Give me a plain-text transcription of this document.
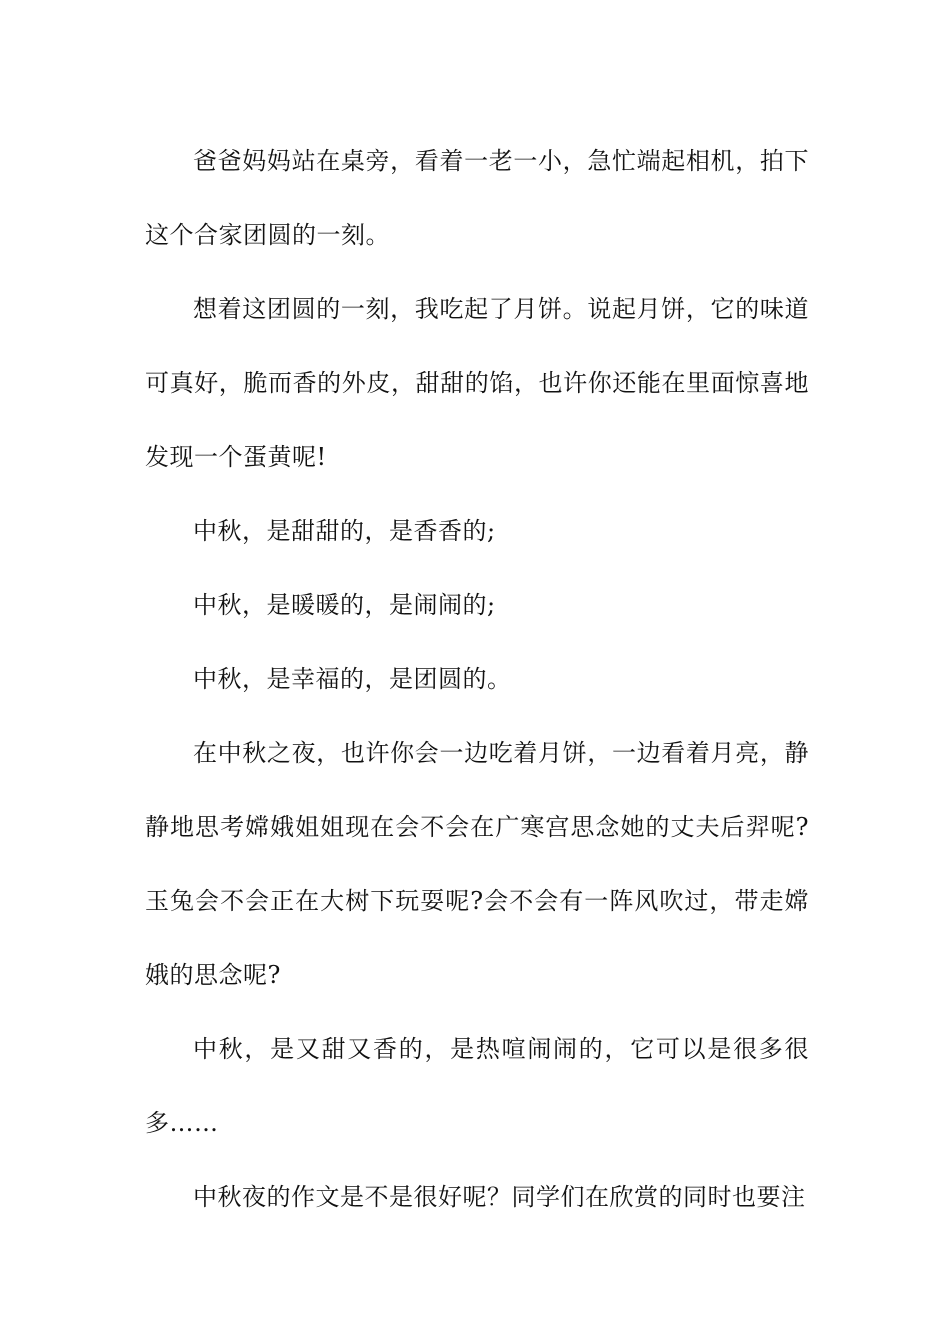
爸爸妈妈站在桌旁，看着一老一小，急忙端起相机，拍下这个合家团圆的一刻。

想着这团圆的一刻，我吃起了月饼。说起月饼，它的味道可真好，脆而香的外皮，甜甜的馅，也许你还能在里面惊喜地发现一个蛋黄呢!

中秋，是甜甜的，是香香的;

中秋，是暖暖的，是闹闹的;

中秋，是幸福的，是团圆的。

在中秋之夜，也许你会一边吃着月饼，一边看着月亮，静静地思考嫦娥姐姐现在会不会在广寒宫思念她的丈夫后羿呢?玉兔会不会正在大树下玩耍呢?会不会有一阵风吹过，带走嫦娥的思念呢?

中秋，是又甜又香的，是热喧闹闹的，它可以是很多很多……

中秋夜的作文是不是很好呢？同学们在欣赏的同时也要注
